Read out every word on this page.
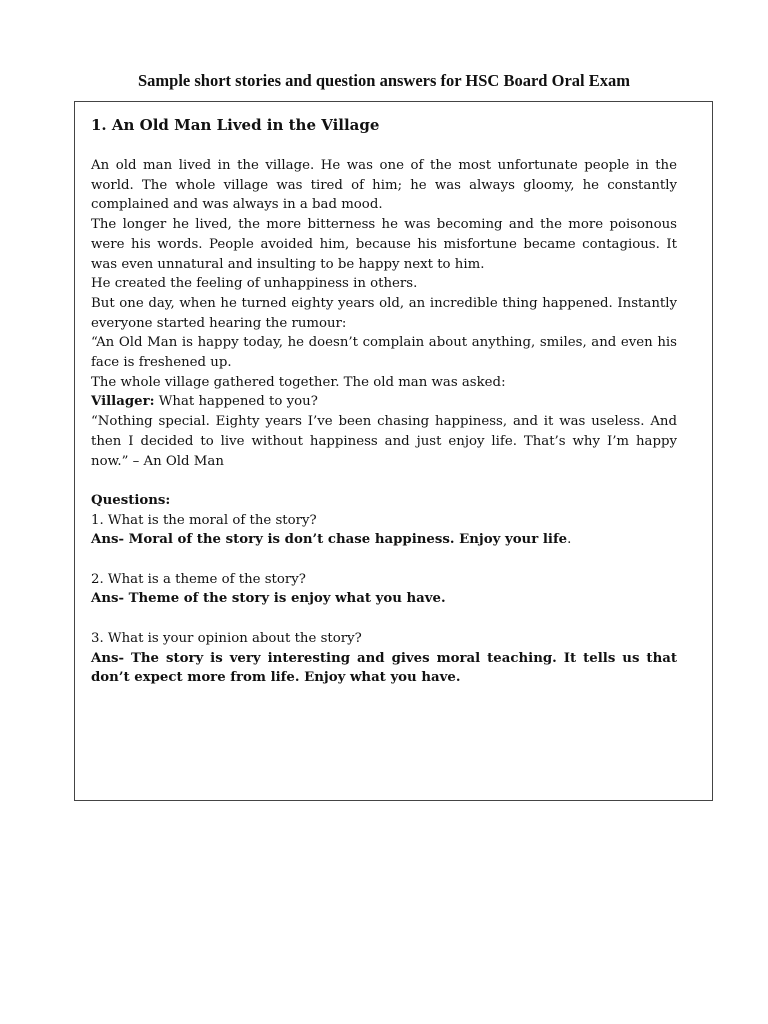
Sample short stories and question answers for HSC Board Oral Exam
1. An Old Man Lived in the Village

An old man lived in the village. He was one of the most unfortunate people in the world. The whole village was tired of him; he was always gloomy, he constantly complained and was always in a bad mood.

The longer he lived, the more bitterness he was becoming and the more poisonous were his words. People avoided him, because his misfortune became contagious. It was even unnatural and insulting to be happy next to him.

He created the feeling of unhappiness in others.

But one day, when he turned eighty years old, an incredible thing happened. Instantly everyone started hearing the rumour:

“An Old Man is happy today, he doesn’t complain about anything, smiles, and even his face is freshened up.

The whole village gathered together. The old man was asked:

Villager: What happened to you?

“Nothing special. Eighty years I’ve been chasing happiness, and it was useless. And then I decided to live without happiness and just enjoy life. That’s why I’m happy now.” – An Old Man

Questions:

1. What is the moral of the story?

Ans- Moral of the story is don’t chase happiness. Enjoy your life.

2. What is a theme of the story?

Ans- Theme of the story is enjoy what you have.

3. What is your opinion about the story?

Ans- The story is very interesting and gives moral teaching. It tells us that don’t expect more from life. Enjoy what you have.
